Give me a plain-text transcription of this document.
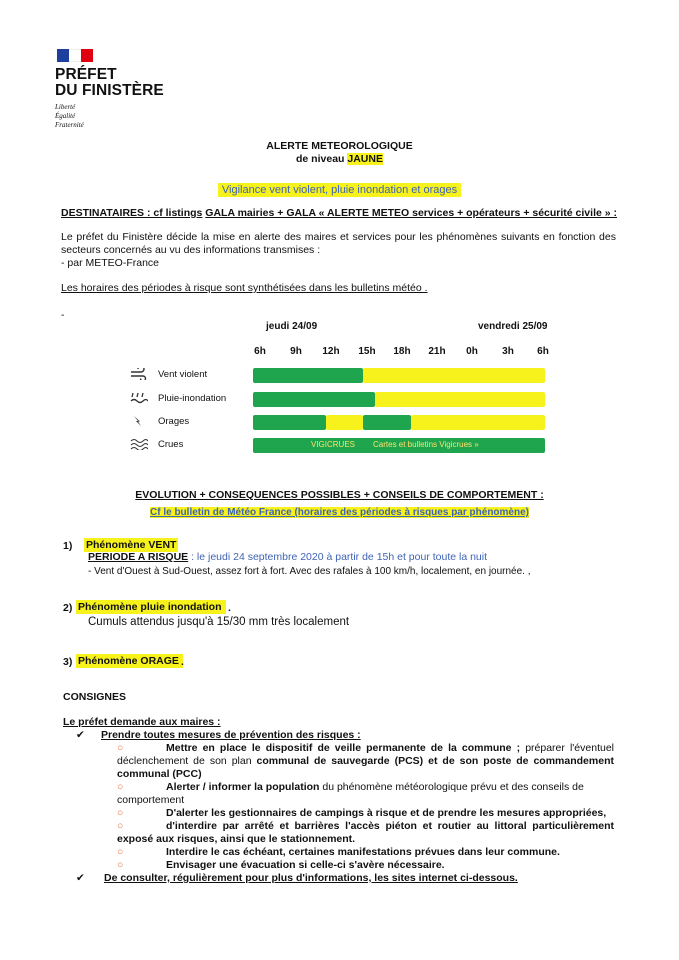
PRÉFET
DU FINISTÈRE
Liberté
Égalité
Fraternité
ALERTE METEOROLOGIQUE
de niveau JAUNE
Vigilance vent violent, pluie inondation et orages
DESTINATAIRES : cf listings GALA mairies + GALA « ALERTE METEO services + opérateurs + sécurité civile » :
Le préfet du Finistère décide la mise en alerte des maires et services pour les phénomènes suivants en fonction des secteurs concernés au vu des informations transmises :
- par METEO-France
Les horaires des périodes à risque sont synthétisées dans les bulletins météo .
-
jeudi 24/09	vendredi 25/09
6h	9h	12h	15h	18h	21h	0h	3h	6h
Vent violent
Pluie-inondation
Orages
Crues	VIGICRUES Cartes et bulletins Vigicrues »
EVOLUTION + CONSEQUENCES POSSIBLES + CONSEILS DE COMPORTEMENT :
Cf le bulletin de Météo France (horaires des périodes à risques par phénomène)
1) Phénomène VENT
PERIODE A RISQUE : le jeudi 24 septembre 2020 à partir de 15h et pour toute la nuit
- Vent d'Ouest à Sud-Ouest, assez fort à fort. Avec des rafales à 100 km/h, localement, en journée. ,
2) Phénomène pluie inondation .
Cumuls attendus jusqu'à 15/30 mm très localement
3) Phénomène ORAGE .
CONSIGNES
Le préfet demande aux maires :
✔ Prendre toutes mesures de prévention des risques :
○	Mettre en place le dispositif de veille permanente de la commune ; préparer l'éventuel déclenchement de son plan communal de sauvegarde (PCS) et de son poste de commandement communal (PCC)
○	Alerter / informer la population du phénomène météorologique prévu et des conseils de comportement
○	D'alerter les gestionnaires de campings à risque et de prendre les mesures appropriées,
○	d'interdire par arrêté et barrières l'accès piéton et routier au littoral particulièrement exposé aux risques, ainsi que le stationnement.
○	Interdire le cas échéant, certaines manifestations prévues dans leur commune.
○	Envisager une évacuation si celle-ci s'avère nécessaire.
✔ De consulter, régulièrement pour plus d'informations, les sites internet ci-dessous.
